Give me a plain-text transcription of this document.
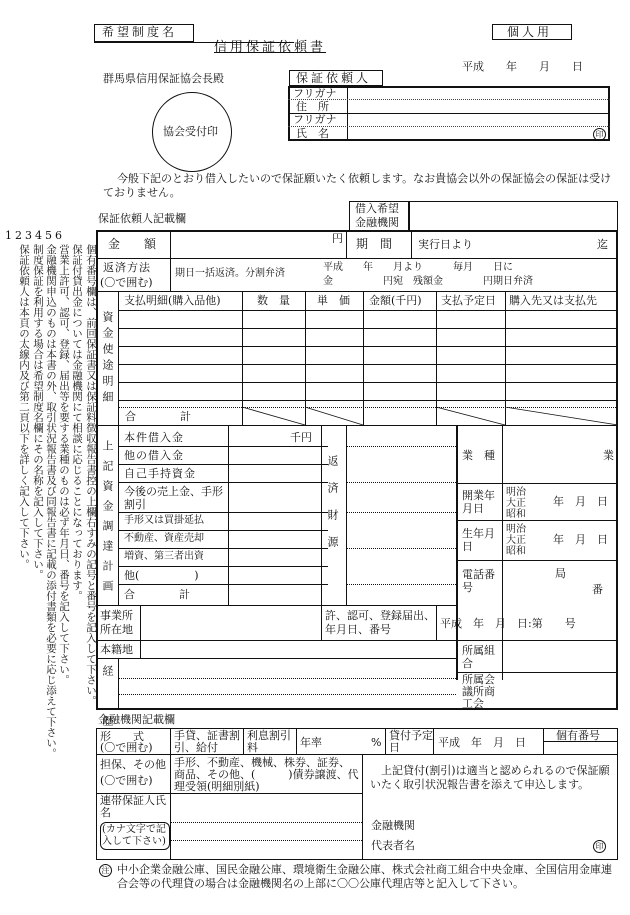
希望制度名	個人用
信用保証依頼書
平成　　年　　月　　日
群馬県信用保証協会長殿
協会受付印
保証依頼人
フリガナ
住　所
フリガナ
氏　名	印
今般下記のとおり借入したいので保証願いたく依頼します。なお貴協会以外の保証協会の保証は受けておりません。
123456
個有番号欄は、前回保証書又は保証料徴収報告書控の上欄右すみの記号と番号を記入して下さい。
保証付貸出金については金融機関にて相談に応じることになっております。
営業上許可、認可、登録、届出等を要する業種のものは必ず年月日、番号を記入して下さい。
金融機関申込のものは本書の外、取引状況報告書及び同報告書に記載の添付書類を必要に応じ添えて下さい。
制度保証を利用する場合は希望制度名欄にその名称を記入して下さい。
保証依頼人は本頁の太線内及び第二頁以下を詳しく記入して下さい。
保証依頼人記載欄
借入希望
金融機関
金　額	円 期　間 実行日より	迄
返済方法
(〇で囲む)
期日一括返済。分割弁済
平成　　年　　月より　　　毎月　　日に
金　　　　　円宛　残額金　　　　円期日弁済
資金使途明細
支払明細(購入品他)	数　量 単　価 金額(千円) 支払予定日 購入先又は支払先
合　　　　計
上記資金調達計画
本件借入金	千円
他の借入金
自己手持資金
今後の売上金、手形割引
手形又は買掛延払
不動産、資産売却
増資、第三者出資
他(　　　　　)
合　　　　計
返済財源	業　種	業
開業年月日
明治
大正
昭和
年　月　日
生年月日
明治
大正
昭和
年　月　日
電話番号
局
番
事業所所在地
許、認可、登録届出、年月日、番号	平成　年　月　日:第　　号
本籍地
経　歴
所属組合
所属会議所商工会
金融機関記載欄
形　　式
(〇で囲む)
手貸、証書割引、給付
利息割引料	年率	%
貸付予定日	平成　年　月　日
個有番号
担保、その他
(〇で囲む)
手形、不動産、機械、株券、証券、商品、その他、(　　　)債券譲渡、代理受領(明細別紙)
連帯保証人氏名
(カナ文字で記入して下さい)
上記貸付(割引)は適当と認められるので保証願いたく取引状況報告書を添えて申込します。
金融機関
代表者名	印
注 中小企業金融公庫、国民金融公庫、環境衛生金融公庫、株式会社商工組合中央金庫、全国信用金庫連合会等の代理貸の場合は金融機関名の上部に〇〇公庫代理店等と記入して下さい。
